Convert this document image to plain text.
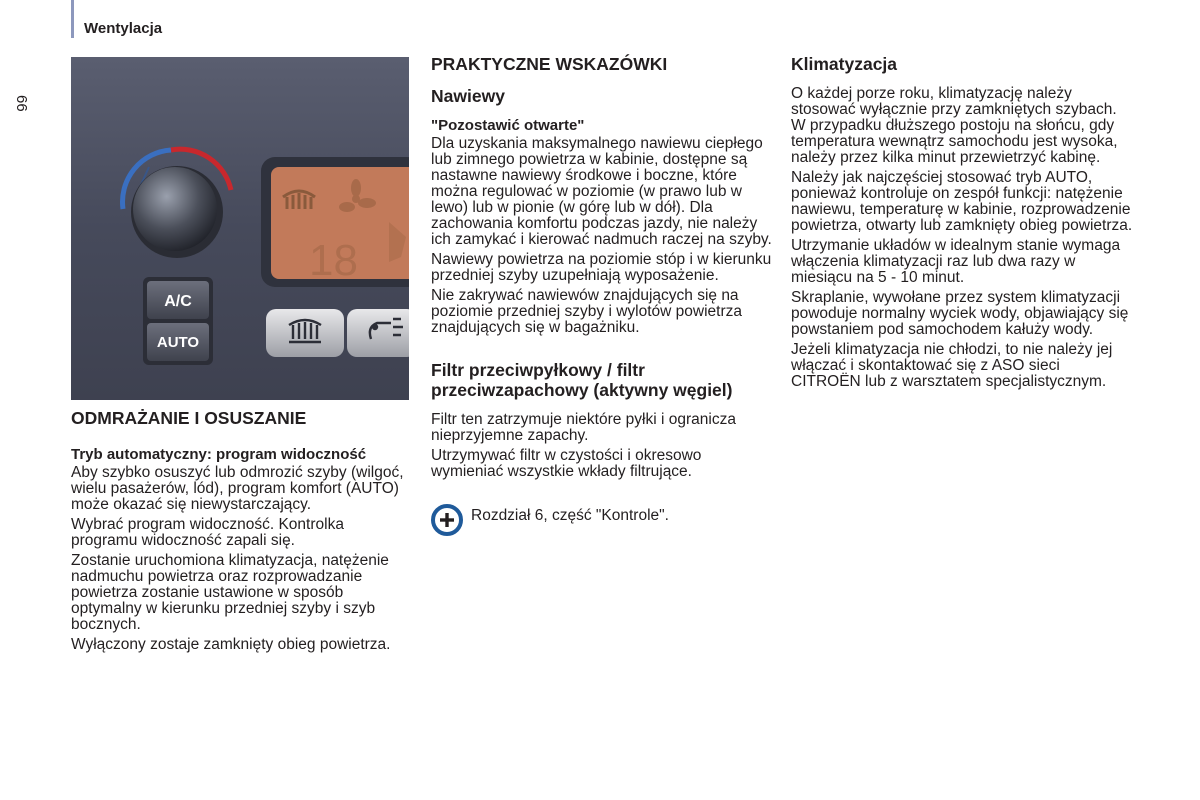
Wentylacja
66
18
A/C
AUTO
ODMRAŻANIE I OSUSZANIE
Tryb automatyczny: program widoczność

Aby szybko osuszyć lub odmrozić szyby (wilgoć, wielu pasażerów, lód), program komfort (AUTO) może okazać się niewystarczający.

Wybrać program widoczność. Kontrolka programu widoczność zapali się.

Zostanie uruchomiona klimatyzacja, natężenie nadmuchu powietrza oraz rozprowadzanie powietrza zostanie ustawione w sposób optymalny w kierunku przedniej szyby i szyb bocznych.

Wyłączony zostaje zamknięty obieg powietrza.

PRAKTYCZNE WSKAZÓWKI
Nawiewy
"Pozostawić otwarte"

Dla uzyskania maksymalnego nawiewu ciepłego lub zimnego powietrza w kabinie, dostępne są nastawne nawiewy środkowe i boczne, które można regulować w poziomie (w prawo lub w lewo) lub w pionie (w górę lub w dół). Dla zachowania komfortu podczas jazdy, nie należy ich zamykać i kierować nadmuch raczej na szyby.

Nawiewy powietrza na poziomie stóp i w kierunku przedniej szyby uzupełniają wyposażenie.

Nie zakrywać nawiewów znajdujących się na poziomie przedniej szyby i wylotów powietrza znajdujących się w bagażniku.

Filtr przeciwpyłkowy / filtr przeciwzapachowy (aktywny węgiel)

Filtr ten zatrzymuje niektóre pyłki i ogranicza nieprzyjemne zapachy.

Utrzymywać filtr w czystości i okresowo wymieniać wszystkie wkłady filtrujące.

Rozdział 6, część "Kontrole".
Klimatyzacja

O każdej porze roku, klimatyzację należy stosować wyłącznie przy zamkniętych szybach. W przypadku dłuższego postoju na słońcu, gdy temperatura wewnątrz samochodu jest wysoka, należy przez kilka minut przewietrzyć kabinę.

Należy jak najczęściej stosować tryb AUTO, ponieważ kontroluje on zespół funkcji: natężenie nawiewu, temperaturę w kabinie, rozprowadzenie powietrza, otwarty lub zamknięty obieg powietrza.

Utrzymanie układów w idealnym stanie wymaga włączenia klimatyzacji raz lub dwa razy w miesiącu na 5 - 10 minut.

Skraplanie, wywołane przez system klimatyzacji powoduje normalny wyciek wody, objawiający się powstaniem pod samochodem kałuży wody.

Jeżeli klimatyzacja nie chłodzi, to nie należy jej włączać i skontaktować się z ASO sieci CITROËN lub z warsztatem specjalistycznym.
